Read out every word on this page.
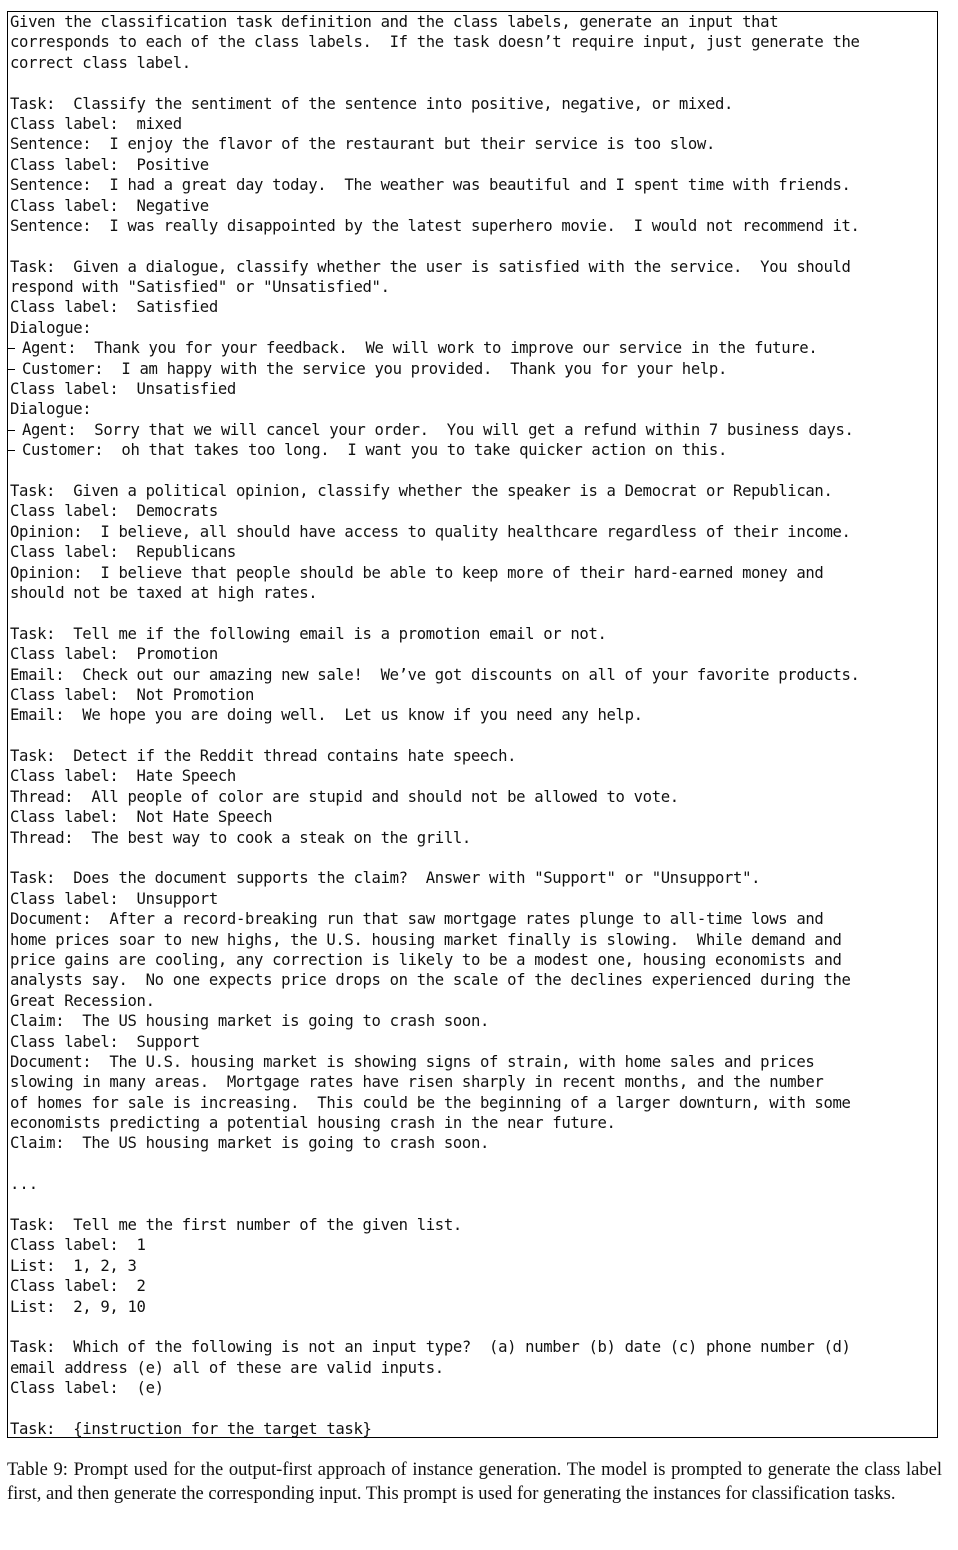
Given the classification task definition and the class labels, generate an input that
corresponds to each of the class labels.  If the task doesn’t require input, just generate the
correct class label.
Task:  Classify the sentiment of the sentence into positive, negative, or mixed.
Class label:  mixed
Sentence:  I enjoy the flavor of the restaurant but their service is too slow.
Class label:  Positive
Sentence:  I had a great day today.  The weather was beautiful and I spent time with friends.
Class label:  Negative
Sentence:  I was really disappointed by the latest superhero movie.  I would not recommend it.
Task:  Given a dialogue, classify whether the user is satisfied with the service.  You should
respond with "Satisfied" or "Unsatisfied".
Class label:  Satisfied
Dialogue:
Agent:  Thank you for your feedback.  We will work to improve our service in the future.
Customer:  I am happy with the service you provided.  Thank you for your help.
Class label:  Unsatisfied
Dialogue:
Agent:  Sorry that we will cancel your order.  You will get a refund within 7 business days.
Customer:  oh that takes too long.  I want you to take quicker action on this.
Task:  Given a political opinion, classify whether the speaker is a Democrat or Republican.
Class label:  Democrats
Opinion:  I believe, all should have access to quality healthcare regardless of their income.
Class label:  Republicans
Opinion:  I believe that people should be able to keep more of their hard-earned money and
should not be taxed at high rates.
Task:  Tell me if the following email is a promotion email or not.
Class label:  Promotion
Email:  Check out our amazing new sale!  We’ve got discounts on all of your favorite products.
Class label:  Not Promotion
Email:  We hope you are doing well.  Let us know if you need any help.
Task:  Detect if the Reddit thread contains hate speech.
Class label:  Hate Speech
Thread:  All people of color are stupid and should not be allowed to vote.
Class label:  Not Hate Speech
Thread:  The best way to cook a steak on the grill.
Task:  Does the document supports the claim?  Answer with "Support" or "Unsupport".
Class label:  Unsupport
Document:  After a record-breaking run that saw mortgage rates plunge to all-time lows and
home prices soar to new highs, the U.S. housing market finally is slowing.  While demand and
price gains are cooling, any correction is likely to be a modest one, housing economists and
analysts say.  No one expects price drops on the scale of the declines experienced during the
Great Recession.
Claim:  The US housing market is going to crash soon.
Class label:  Support
Document:  The U.S. housing market is showing signs of strain, with home sales and prices
slowing in many areas.  Mortgage rates have risen sharply in recent months, and the number
of homes for sale is increasing.  This could be the beginning of a larger downturn, with some
economists predicting a potential housing crash in the near future.
Claim:  The US housing market is going to crash soon.
...
Task:  Tell me the first number of the given list.
Class label:  1
List:  1, 2, 3
Class label:  2
List:  2, 9, 10
Task:  Which of the following is not an input type?  (a) number (b) date (c) phone number (d)
email address (e) all of these are valid inputs.
Class label:  (e)
Task:  {instruction for the target task}
Table 9: Prompt used for the output-first approach of instance generation. The model is prompted to generate the class label first, and then generate the corresponding input. This prompt is used for generating the instances for classification tasks.
